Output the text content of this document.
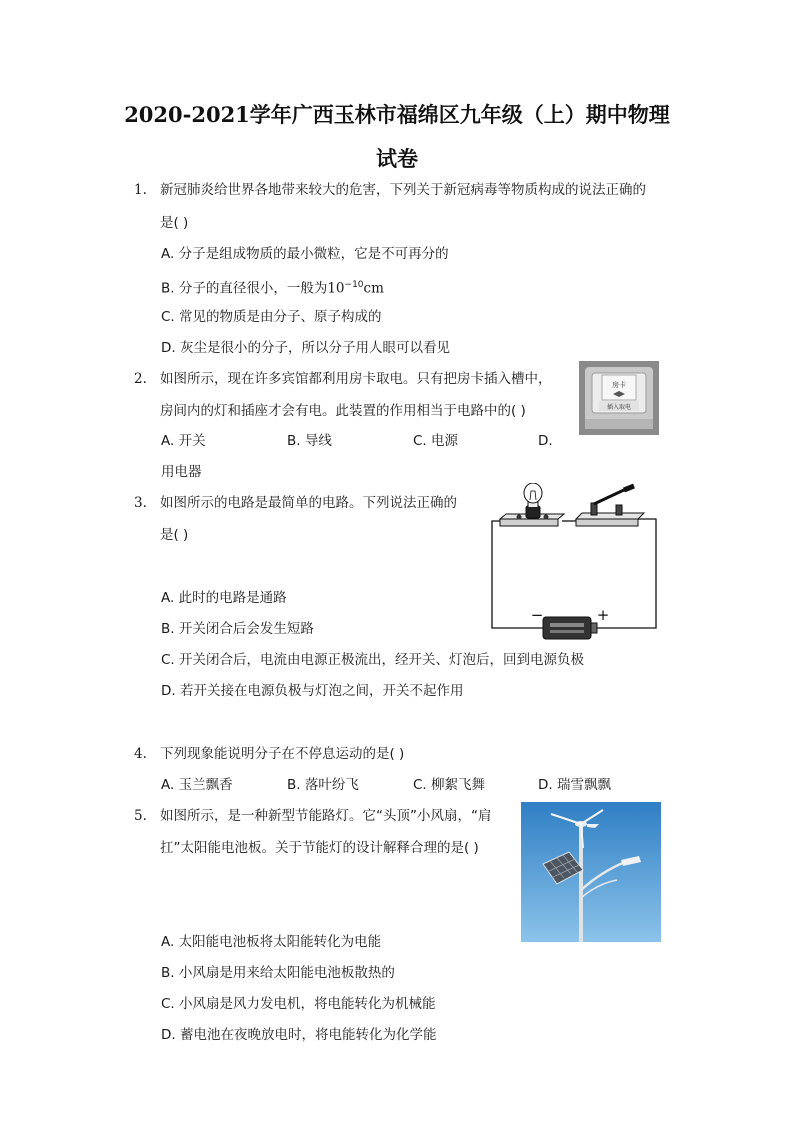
2020-2021学年广西玉林市福绵区九年级（上）期中物理
试卷
1. 新冠肺炎给世界各地带来较大的危害，下列关于新冠病毒等物质构成的说法正确的
是( )
A. 分子是组成物质的最小微粒，它是不可再分的
B. 分子的直径很小，一般为$10^{-10}cm$
C. 常见的物质是由分子、原子构成的
D. 灰尘是很小的分子，所以分子用人眼可以看见
2. 如图所示，现在许多宾馆都利用房卡取电。只有把房卡插入槽中，
房间内的灯和插座才会有电。此装置的作用相当于电路中的( )
A. 开关	B. 导线	C. 电源	D.
用电器
房卡
插入取电
3. 如图所示的电路是最简单的电路。下列说法正确的
是( )
A. 此时的电路是通路
B. 开关闭合后会发生短路
C. 开关闭合后，电流由电源正极流出，经开关、灯泡后，回到电源负极
D. 若开关接在电源负极与灯泡之间，开关不起作用
−	+
4. 下列现象能说明分子在不停息运动的是( )
A. 玉兰飘香	B. 落叶纷飞	C. 柳絮飞舞	D. 瑞雪飘飘
5. 如图所示，是一种新型节能路灯。它“头顶”小风扇，“肩
扛”太阳能电池板。关于节能灯的设计解释合理的是( )
A. 太阳能电池板将太阳能转化为电能
B. 小风扇是用来给太阳能电池板散热的
C. 小风扇是风力发电机，将电能转化为机械能
D. 蓄电池在夜晚放电时，将电能转化为化学能
